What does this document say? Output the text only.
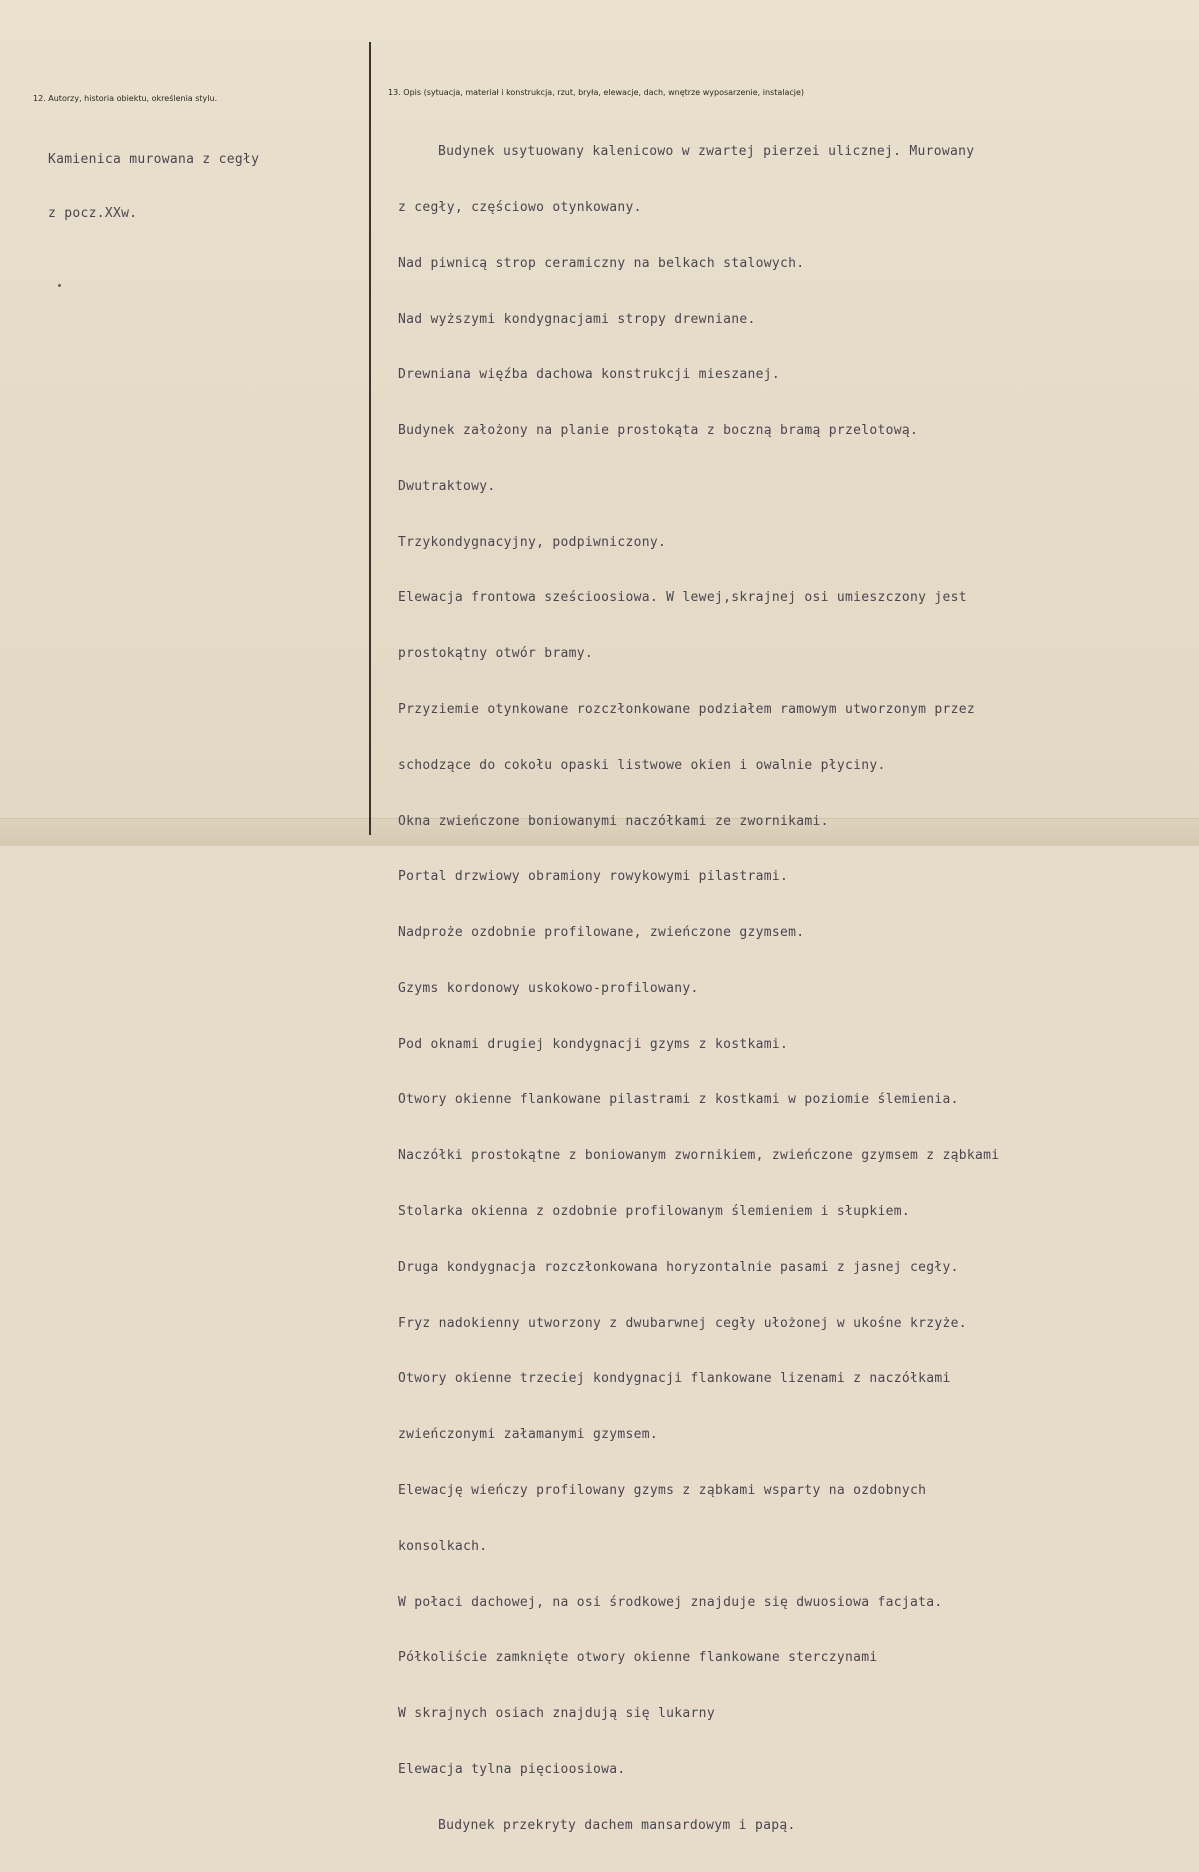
12. Autorzy, historia obiektu, określenia stylu.
13. Opis (sytuacja, materiał i konstrukcja, rzut, bryła, elewacje, dach, wnętrze wyposarzenie, instalacje)

Kamienica murowana z cegły

z pocz.XXw.

Budynek usytuowany kalenicowo w zwartej pierzei ulicznej. Murowany

z cegły, częściowo otynkowany.

Nad piwnicą strop ceramiczny na belkach stalowych.

Nad wyższymi kondygnacjami stropy drewniane.

Drewniana więźba dachowa konstrukcji mieszanej.

Budynek założony na planie prostokąta z boczną bramą przelotową.

Dwutraktowy.

Trzykondygnacyjny, podpiwniczony.

Elewacja frontowa sześcioosiowa. W lewej,skrajnej osi umieszczony jest

prostokątny otwór bramy.

Przyziemie otynkowane rozczłonkowane podziałem ramowym utworzonym przez

schodzące do cokołu opaski listwowe okien i owalnie płyciny.

Okna zwieńczone boniowanymi naczółkami ze zwornikami.

Portal drzwiowy obramiony rowykowymi pilastrami.

Nadproże ozdobnie profilowane, zwieńczone gzymsem.

Gzyms kordonowy uskokowo-profilowany.

Pod oknami drugiej kondygnacji gzyms z kostkami.

Otwory okienne flankowane pilastrami z kostkami w poziomie ślemienia.

Naczółki prostokątne z boniowanym zwornikiem, zwieńczone gzymsem z ząbkami

Stolarka okienna z ozdobnie profilowanym ślemieniem i słupkiem.

Druga kondygnacja rozczłonkowana horyzontalnie pasami z jasnej cegły.

Fryz nadokienny utworzony z dwubarwnej cegły ułożonej w ukośne krzyże.

Otwory okienne trzeciej kondygnacji flankowane lizenami z naczółkami

zwieńczonymi załamanymi gzymsem.

Elewację wieńczy profilowany gzyms z ząbkami wsparty na ozdobnych

konsolkach.

W połaci dachowej, na osi środkowej znajduje się dwuosiowa facjata.

Półkoliście zamknięte otwory okienne flankowane sterczynami

W skrajnych osiach znajdują się lukarny

Elewacja tylna pięcioosiowa.

Budynek przekryty dachem mansardowym i papą.
